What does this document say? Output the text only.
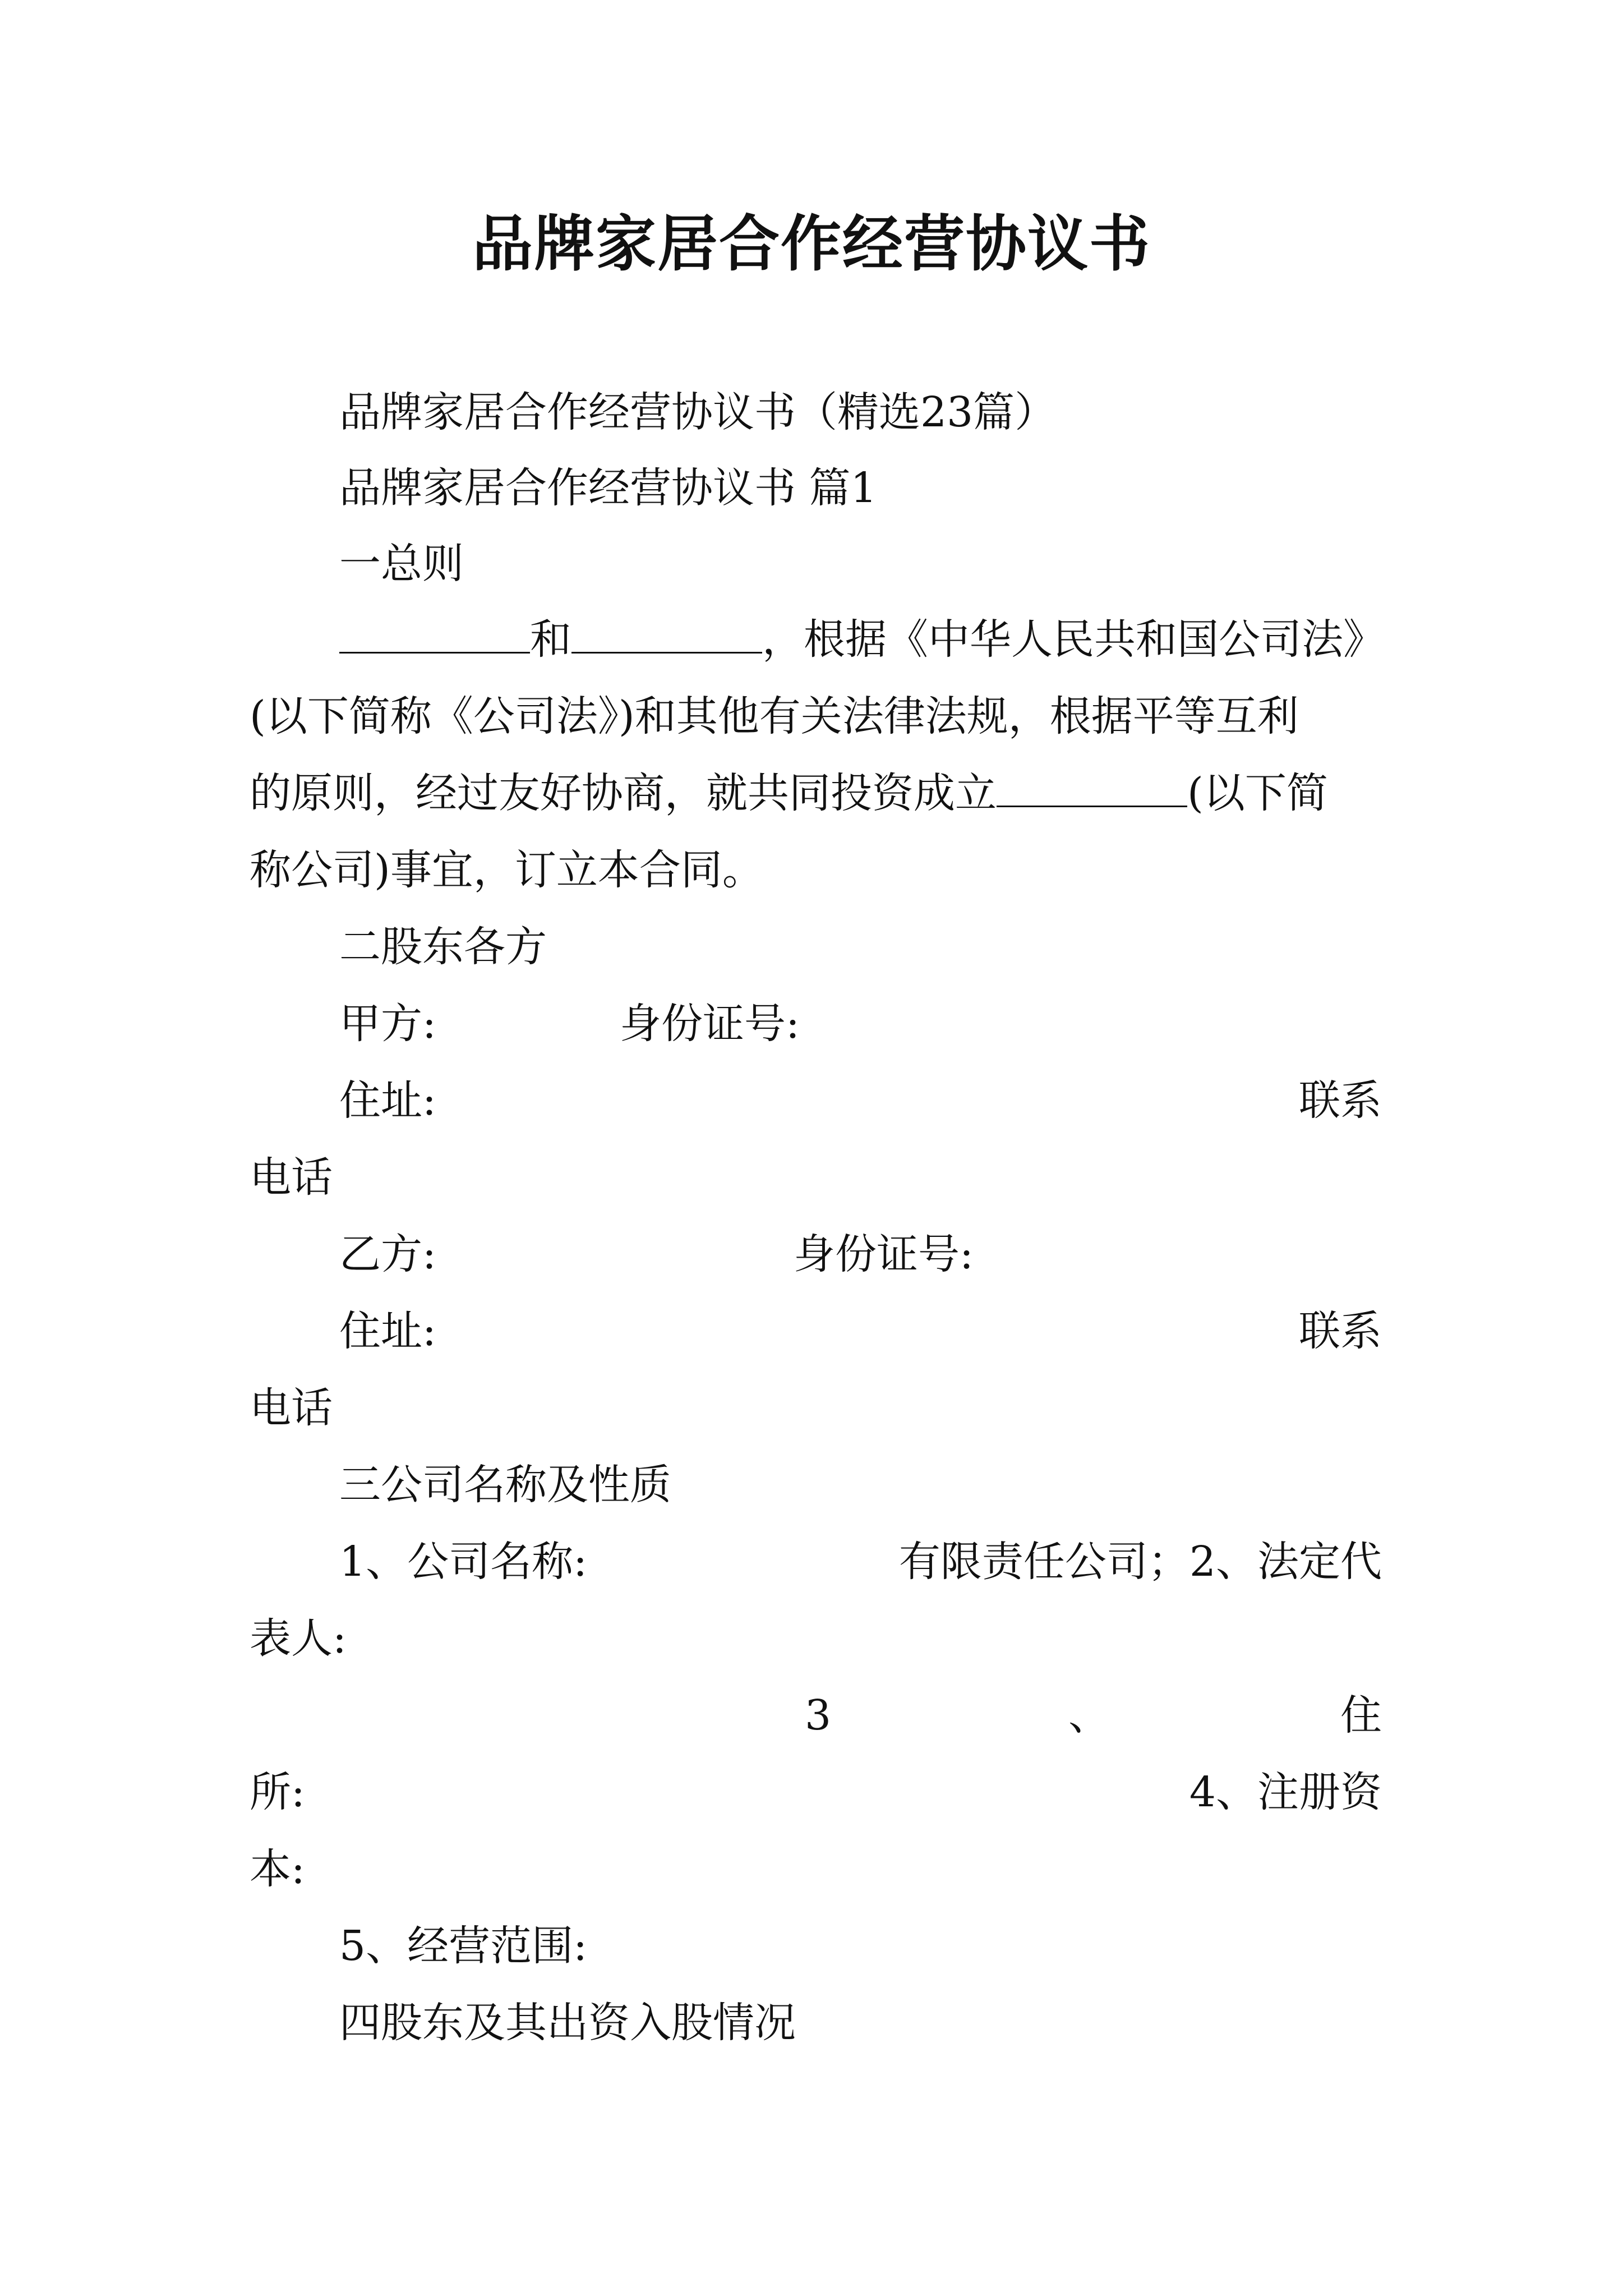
品牌家居合作经营协议书
品牌家居合作经营协议书（精选23篇）
品牌家居合作经营协议书 篇1
一总则
和	，根据《中华人民共和国公司法》
(以下简称《公司法》)和其他有关法律法规，根据平等互利
的原则，经过友好协商，就共同投资成立	(以下简
称公司)事宜，订立本合同。
二股东各方
甲方:	身份证号:
住址:	联系
电话
乙方:	身份证号:
住址:	联系
电话
三公司名称及性质
1、公司名称:	有限责任公司；2、法定代
表人:
3	、	住
所:	4、注册资
本:
5、经营范围:
四股东及其出资入股情况
